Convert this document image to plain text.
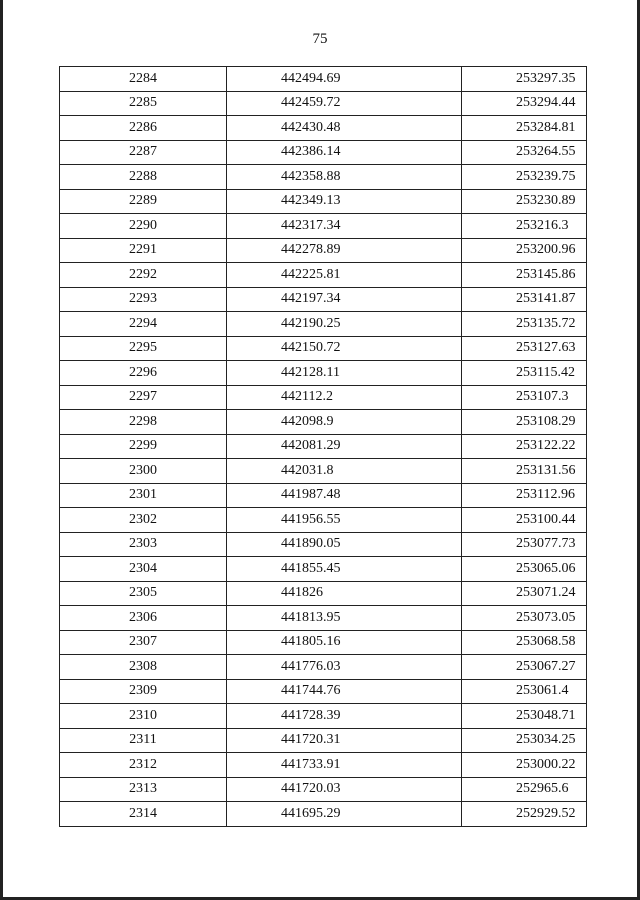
75
2284	442494.69	253297.35
2285	442459.72	253294.44
2286	442430.48	253284.81
2287	442386.14	253264.55
2288	442358.88	253239.75
2289	442349.13	253230.89
2290	442317.34	253216.3
2291	442278.89	253200.96
2292	442225.81	253145.86
2293	442197.34	253141.87
2294	442190.25	253135.72
2295	442150.72	253127.63
2296	442128.11	253115.42
2297	442112.2	253107.3
2298	442098.9	253108.29
2299	442081.29	253122.22
2300	442031.8	253131.56
2301	441987.48	253112.96
2302	441956.55	253100.44
2303	441890.05	253077.73
2304	441855.45	253065.06
2305	441826	253071.24
2306	441813.95	253073.05
2307	441805.16	253068.58
2308	441776.03	253067.27
2309	441744.76	253061.4
2310	441728.39	253048.71
2311	441720.31	253034.25
2312	441733.91	253000.22
2313	441720.03	252965.6
2314	441695.29	252929.52
